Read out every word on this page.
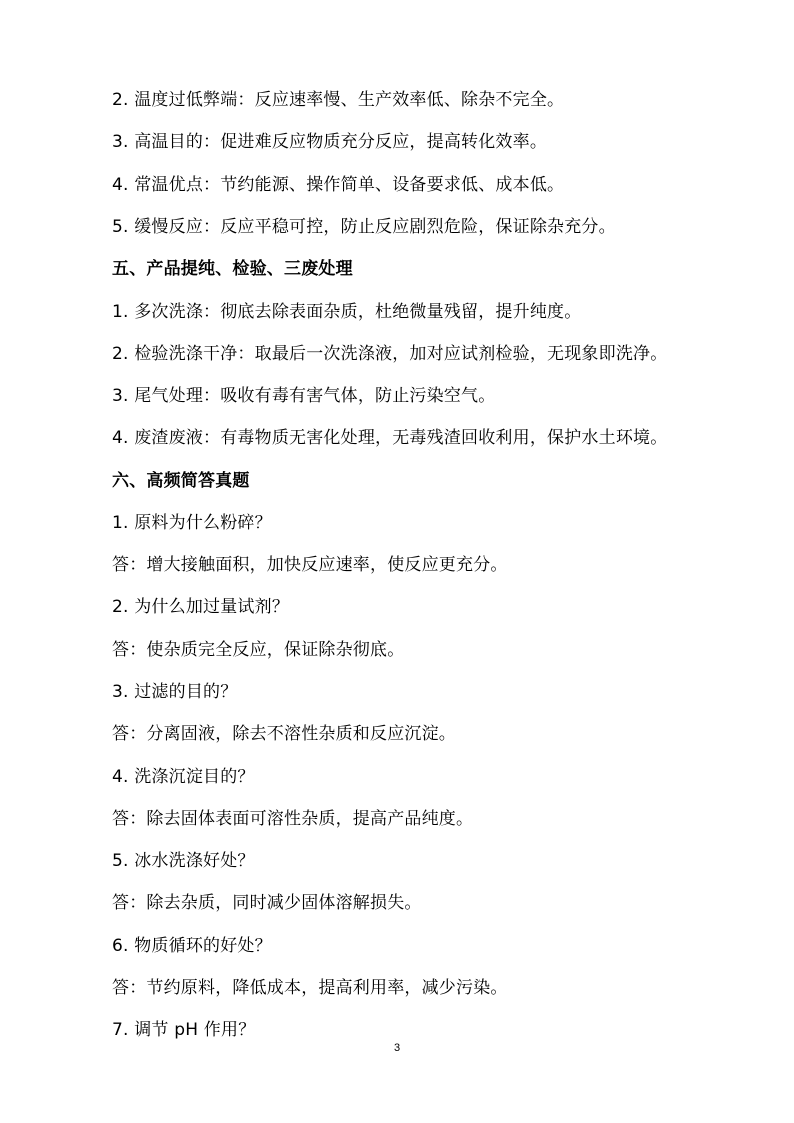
2. 温度过低弊端：反应速率慢、生产效率低、除杂不完全。
3. 高温目的：促进难反应物质充分反应，提高转化效率。
4. 常温优点：节约能源、操作简单、设备要求低、成本低。
5. 缓慢反应：反应平稳可控，防止反应剧烈危险，保证除杂充分。
五、产品提纯、检验、三废处理
1. 多次洗涤：彻底去除表面杂质，杜绝微量残留，提升纯度。
2. 检验洗涤干净：取最后一次洗涤液，加对应试剂检验，无现象即洗净。
3. 尾气处理：吸收有毒有害气体，防止污染空气。
4. 废渣废液：有毒物质无害化处理，无毒残渣回收利用，保护水土环境。
六、高频简答真题
1. 原料为什么粉碎？
答：增大接触面积，加快反应速率，使反应更充分。
2. 为什么加过量试剂？
答：使杂质完全反应，保证除杂彻底。
3. 过滤的目的？
答：分离固液，除去不溶性杂质和反应沉淀。
4. 洗涤沉淀目的？
答：除去固体表面可溶性杂质，提高产品纯度。
5. 冰水洗涤好处？
答：除去杂质，同时减少固体溶解损失。
6. 物质循环的好处？
答：节约原料，降低成本，提高利用率，减少污染。
7. 调节 pH 作用？
3
